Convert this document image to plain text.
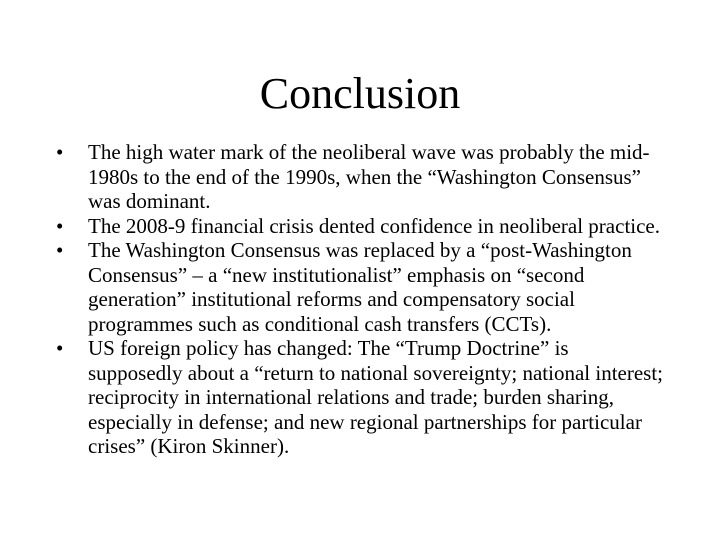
Conclusion
•	The high water mark of the neoliberal wave was probably the mid-1980s to the end of the 1990s, when the “Washington Consensus” was dominant.
•	The 2008-9 financial crisis dented confidence in neoliberal practice.
•	The Washington Consensus was replaced by a “post-Washington Consensus” – a “new institutionalist” emphasis on “second generation” institutional reforms and compensatory social programmes such as conditional cash transfers (CCTs).
•	US foreign policy has changed: The “Trump Doctrine” is supposedly about a “return to national sovereignty; national interest; reciprocity in international relations and trade; burden sharing, especially in defense; and new regional partnerships for particular crises” (Kiron Skinner).
